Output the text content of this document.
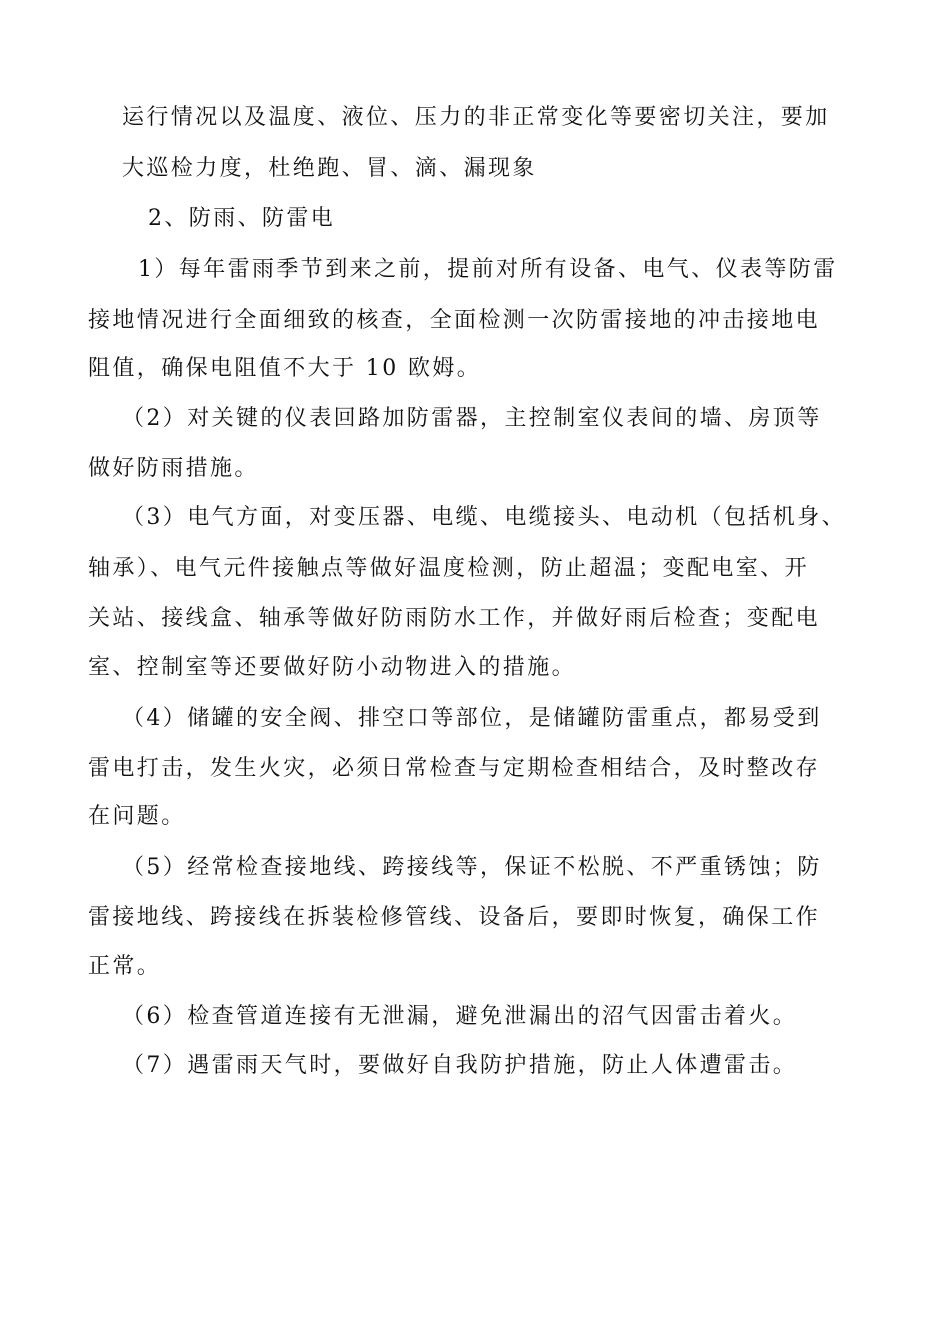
运行情况以及温度、液位、压力的非正常变化等要密切关注，要加
大巡检力度，杜绝跑、冒、滴、漏现象
2、防雨、防雷电
1）每年雷雨季节到来之前，提前对所有设备、电气、仪表等防雷
接地情况进行全面细致的核查，全面检测一次防雷接地的冲击接地电
阻值，确保电阻值不大于 10 欧姆。
（2）对关键的仪表回路加防雷器，主控制室仪表间的墙、房顶等
做好防雨措施。
（3）电气方面，对变压器、电缆、电缆接头、电动机（包括机身、
轴承）、电气元件接触点等做好温度检测，防止超温；变配电室、开
关站、接线盒、轴承等做好防雨防水工作，并做好雨后检查；变配电
室、控制室等还要做好防小动物进入的措施。
（4）储罐的安全阀、排空口等部位，是储罐防雷重点，都易受到
雷电打击，发生火灾，必须日常检查与定期检查相结合，及时整改存
在问题。
（5）经常检查接地线、跨接线等，保证不松脱、不严重锈蚀；防
雷接地线、跨接线在拆装检修管线、设备后，要即时恢复，确保工作
正常。
（6）检查管道连接有无泄漏，避免泄漏出的沼气因雷击着火。
（7）遇雷雨天气时，要做好自我防护措施，防止人体遭雷击。
